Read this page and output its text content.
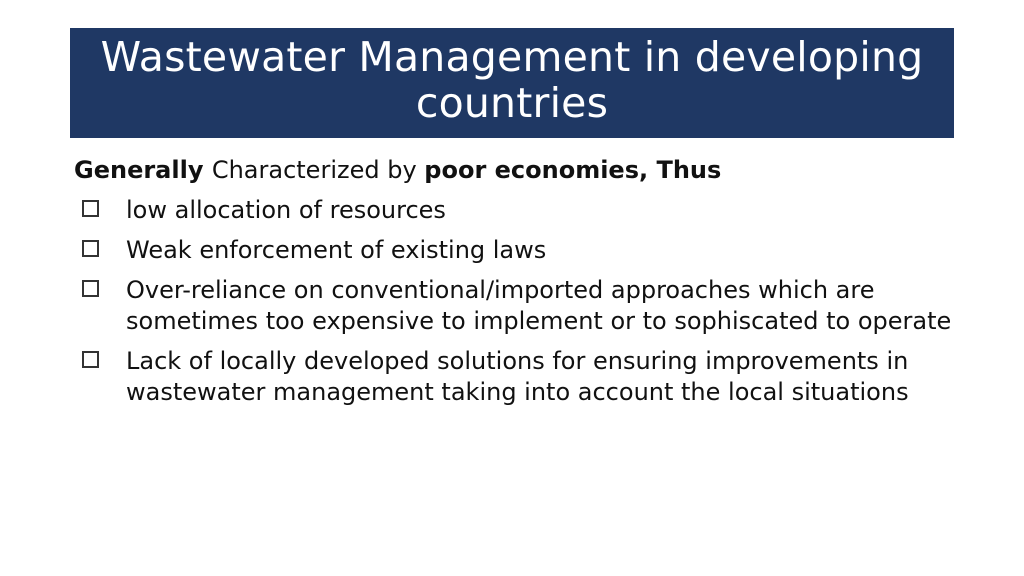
Wastewater Management in developing countries
Generally Characterized by poor economies, Thus
low allocation of resources
Weak enforcement of existing laws
Over-reliance on conventional/imported approaches which are sometimes too expensive to implement or to sophiscated to operate
Lack of locally developed solutions for ensuring improvements in wastewater management taking into account the local situations
